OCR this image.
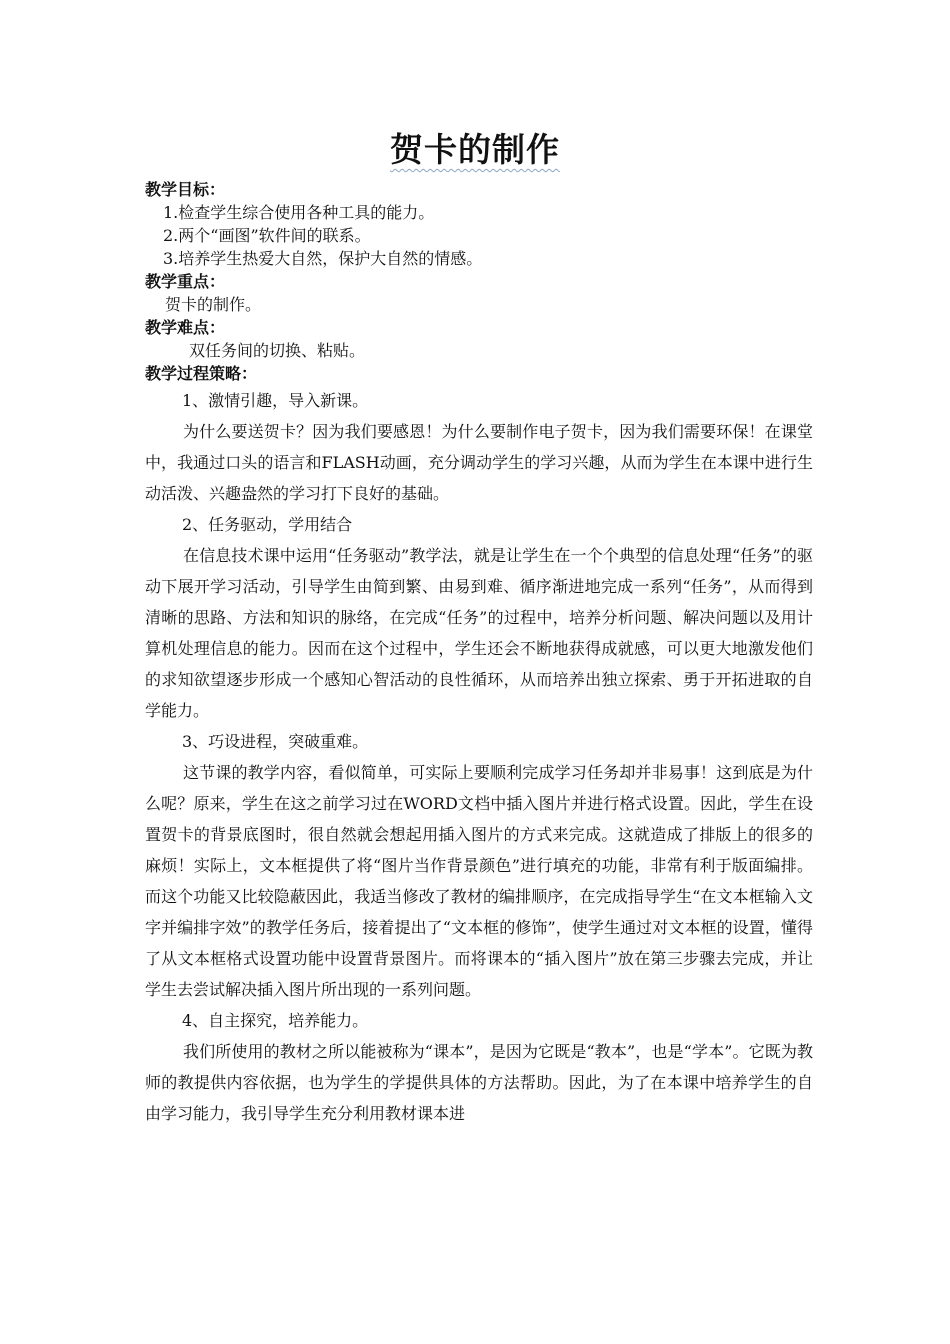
贺卡的制作

教学目标：

1.检查学生综合使用各种工具的能力。

2.两个“画图”软件间的联系。

3.培养学生热爱大自然，保护大自然的情感。

教学重点：

贺卡的制作。

教学难点：

双任务间的切换、粘贴。

教学过程策略：

1、激情引趣，导入新课。

为什么要送贺卡？因为我们要感恩！为什么要制作电子贺卡，因为我们需要环保！在课堂中，我通过口头的语言和FLASH动画，充分调动学生的学习兴趣，从而为学生在本课中进行生动活泼、兴趣盎然的学习打下良好的基础。

2、任务驱动，学用结合

在信息技术课中运用“任务驱动”教学法，就是让学生在一个个典型的信息处理“任务”的驱动下展开学习活动，引导学生由简到繁、由易到难、循序渐进地完成一系列“任务”，从而得到清晰的思路、方法和知识的脉络，在完成“任务”的过程中，培养分析问题、解决问题以及用计算机处理信息的能力。因而在这个过程中，学生还会不断地获得成就感，可以更大地激发他们的求知欲望逐步形成一个感知心智活动的良性循环，从而培养出独立探索、勇于开拓进取的自学能力。

3、巧设进程，突破重难。

这节课的教学内容，看似简单，可实际上要顺利完成学习任务却并非易事！这到底是为什么呢？原来，学生在这之前学习过在WORD文档中插入图片并进行格式设置。因此，学生在设置贺卡的背景底图时，很自然就会想起用插入图片的方式来完成。这就造成了排版上的很多的麻烦！实际上，文本框提供了将“图片当作背景颜色”进行填充的功能，非常有利于版面编排。而这个功能又比较隐蔽因此，我适当修改了教材的编排顺序，在完成指导学生“在文本框输入文字并编排字效”的教学任务后，接着提出了“文本框的修饰”，使学生通过对文本框的设置，懂得了从文本框格式设置功能中设置背景图片。而将课本的“插入图片”放在第三步骤去完成，并让学生去尝试解决插入图片所出现的一系列问题。

4、自主探究，培养能力。

我们所使用的教材之所以能被称为“课本”，是因为它既是“教本”，也是“学本”。它既为教师的教提供内容依据，也为学生的学提供具体的方法帮助。因此，为了在本课中培养学生的自由学习能力，我引导学生充分利用教材课本进
